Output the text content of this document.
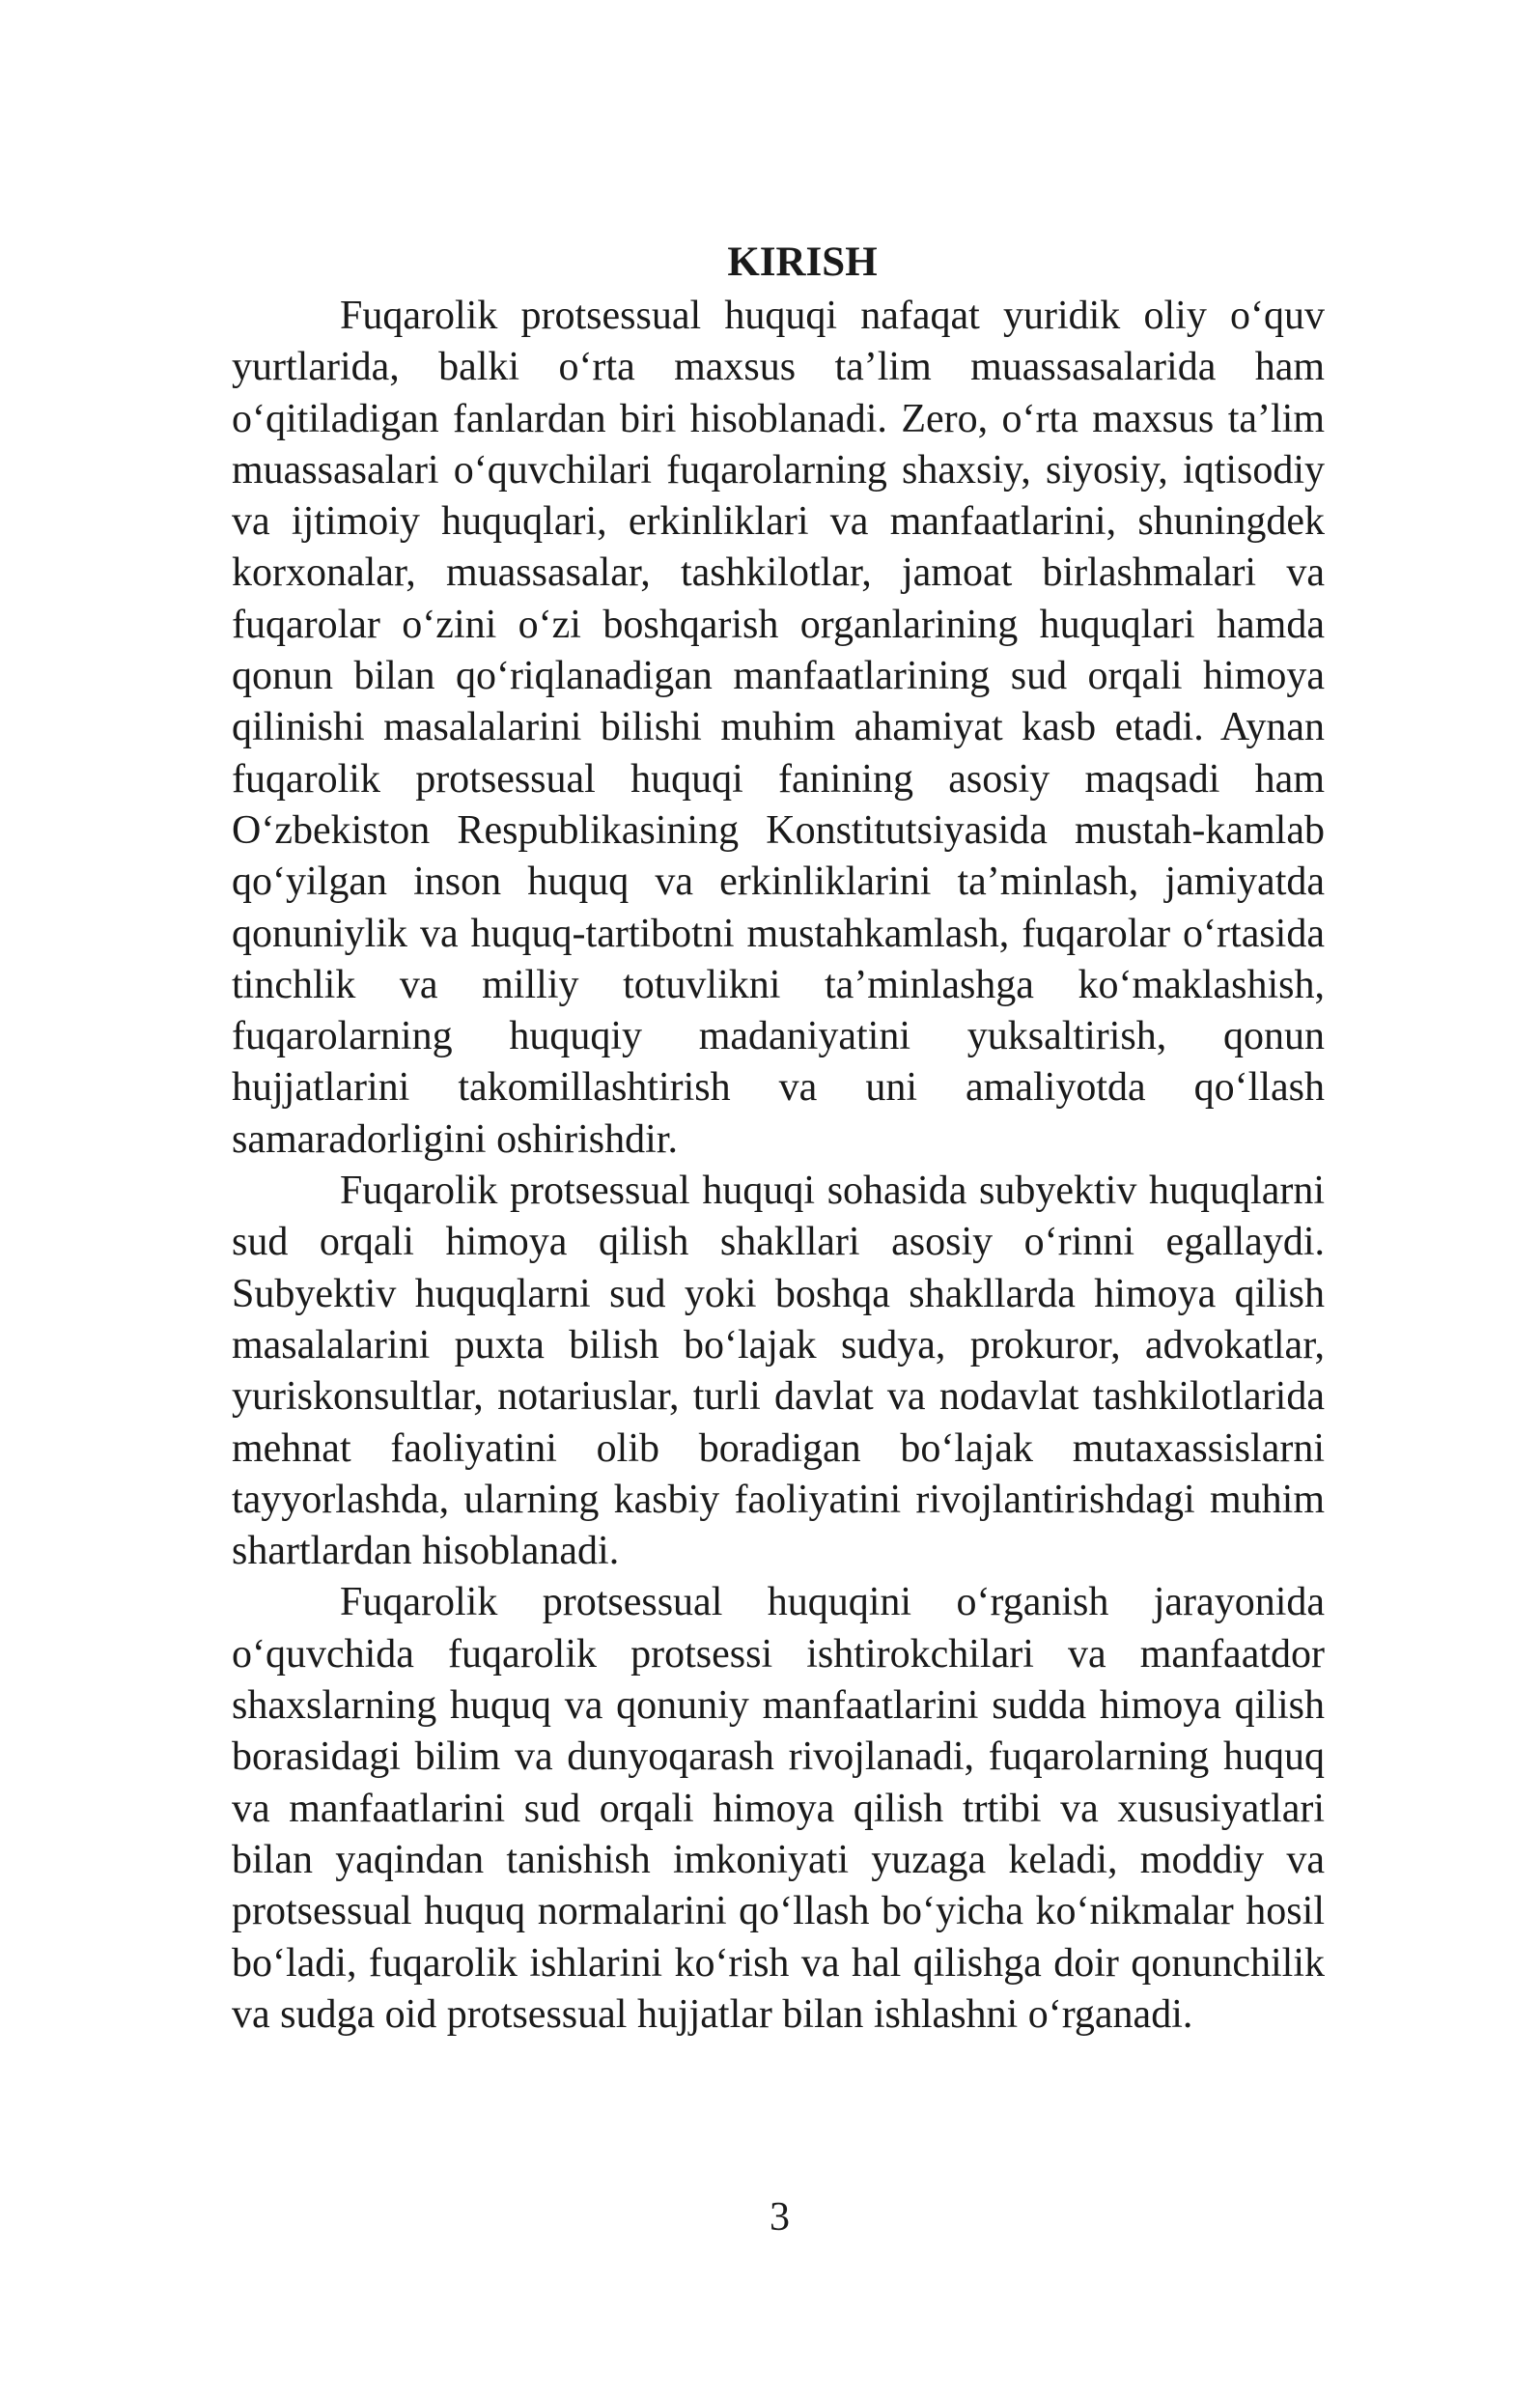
KIRISH

Fuqarolik protsessual huquqi nafaqat yuridik oliy o‘quv yurtlarida, balki o‘rta maxsus ta’lim muassasalarida ham o‘qitiladigan fanlardan biri hisoblanadi. Zero, o‘rta maxsus ta’lim muassasalari o‘quvchilari fuqarolarning shaxsiy, siyosiy, iqtisodiy va ijtimoiy huquqlari, erkinliklari va manfaatlarini, shuningdek korxonalar, muassasalar, tashkilotlar, jamoat birlashmalari va fuqarolar o‘zini o‘zi boshqarish organlarining huquqlari hamda qonun bilan qo‘riqlanadigan manfaatlarining sud orqali himoya qilinishi masalalarini bilishi muhim ahamiyat kasb etadi. Aynan fuqarolik protsessual huquqi fanining asosiy maqsadi ham O‘zbekiston Respublikasining Konstitutsiyasida mustah-kamlab qo‘yilgan inson huquq va erkinliklarini ta’minlash, jamiyatda qonuniylik va huquq-tartibotni mustahkamlash, fuqarolar o‘rtasida tinchlik va milliy totuvlikni ta’minlashga ko‘maklashish, fuqarolarning huquqiy madaniyatini yuksaltirish, qonun hujjatlarini takomillashtirish va uni amaliyotda qo‘llash samaradorligini oshirishdir.

Fuqarolik protsessual huquqi sohasida subyektiv huquqlarni sud orqali himoya qilish shakllari asosiy o‘rinni egallaydi. Subyektiv huquqlarni sud yoki boshqa shakllarda himoya qilish masalalarini puxta bilish bo‘lajak sudya, prokuror, advokatlar, yuriskonsultlar, notariuslar, turli davlat va nodavlat tashkilotlarida mehnat faoliyatini olib boradigan bo‘lajak mutaxassislarni tayyorlashda, ularning kasbiy faoliyatini rivojlantirishdagi muhim shartlardan hisoblanadi.

Fuqarolik protsessual huquqini o‘rganish jarayonida o‘quvchida fuqarolik protsessi ishtirokchilari va manfaatdor shaxslarning huquq va qonuniy manfaatlarini sudda himoya qilish borasidagi bilim va dunyoqarash rivojlanadi, fuqarolarning huquq va manfaatlarini sud orqali himoya qilish trtibi va xususiyatlari bilan yaqindan tanishish imkoniyati yuzaga keladi, moddiy va protsessual huquq normalarini qo‘llash bo‘yicha ko‘nikmalar hosil bo‘ladi, fuqarolik ishlarini ko‘rish va hal qilishga doir qonunchilik va sudga oid protsessual hujjatlar bilan ishlashni o‘rganadi.

3
